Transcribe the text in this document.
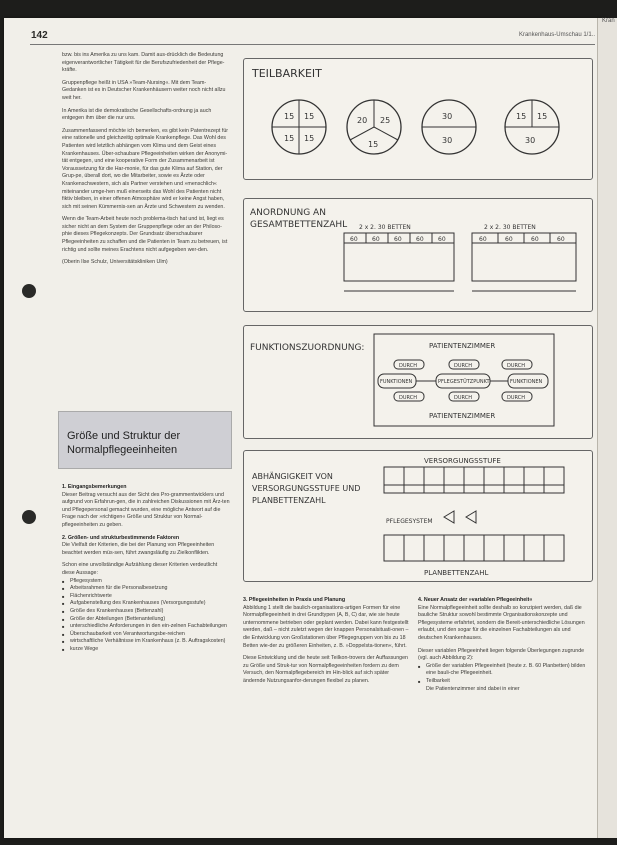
Kran
142	Krankenhaus-Umschau 1/1..

bzw. bis ins Amerika zu uns kam. Damit aus-drücklich die Bedeutung eigenverantwortlicher Tätigkeit für die Berufszufriedenheit der Pflege-kräfte.

Gruppenpflege heißt in USA »Team-Nursing«. Mit dem Team-Gedanken ist es in Deutscher Krankenhäusern weiter noch nicht allzu weit her.

In Amerika ist die demokratische Gesellschafts-ordnung ja auch entgegen ihm über die nur uns.

Zusammenfassend möchte ich bemerken, es gibt kein Patentrezept für eine rationelle und gleichzeitig optimale Krankenpflege. Das Wohl des Patienten wird letztlich abhängen vom Klima und dem Geist eines Krankenhauses. Über-schaubare Pflegeeinheiten wirken der Anonymi-tät entgegen, und eine kooperative Form der Zusammenarbeit ist Voraussetzung für die Har-monie, für das gute Klima auf Station, der Grup-pe, überall dort, wo die Mitarbeiter, sowie es Ärzte oder Krankenschwestern, sich als Partner verstehen und »menschlich« miteinander umge-hen muß einerseits das Wohl des Patienten nicht fiktiv bleiben, in einer offenen Atmosphäre wird er keine Angst haben, sich mit seinen Kümmernis-sen an Ärzte und Schwestern zu wenden.

Wenn die Team-Arbeit heute noch problema-tisch hat und ist, liegt es sicher nicht an dem System der Gruppenpflege oder an der Philoso-phie dieses Pflegekonzepts. Der Grundsatz überschaubarer Pflegeeinheiten zu schaffen und die Patienten in Team zu betreuen, ist richtig und sollte meines Erachtens nicht aufgegeben wer-den.

(Oberin Ilse Schulz, Universitätskliniken Ulm)

Größe und Struktur der Normalpflegeeinheiten

1. Eingangsbemerkungen

Dieser Beitrag versucht aus der Sicht des Pro-grammentwicklers und aufgrund von Erfahrun-gen, die in zahlreichen Diskussionen mit Ärz-ten und Pflegepersonal gemacht wurden, eine mögliche Antwort auf die Frage nach der »richtigen« Größe und Struktur von Normal-pflegeeinheiten zu geben.

2. Größen- und strukturbestimmende Faktoren

Die Vielfalt der Kriterien, die bei der Planung von Pflegeeinheiten beachtet werden müs-sen, führt zwangsläufig zu Zielkonflikten.

Schon eine unvollständige Aufzählung dieser Kriterien verdeutlicht diese Aussage:

■ Pflegesystem
■ Arbeitsrahmen für die Personalbesetzung
■ Flächenrichtwerte
■ Aufgabenstellung des Krankenhauses (Versorgungsstufe)
■ Größe des Krankenhauses (Bettenzahl)
■ Größe der Abteilungen (Bettenanteilung)
■ unterschiedliche Anforderungen in den ein-zelnen Fachabteilungen
■ Überschaubarkeit von Verantwortungsbe-reichen
■ wirtschaftliche Verhältnisse im Krankenhaus (z. B. Auftragskosten)
■ kurze Wege
TEILBARKEIT
15 15
15 15
20 25
15
30
30
15 15
30
ANORDNUNG AN
GESAMTBETTENZAHL 2 x 2. 30 BETTEN	2 x 2. 30 BETTEN
60 60 60 60 60	60	60	60	60
FUNKTIONSZUORDNUNG:	PATIENTENZIMMER
DURCH	DURCH	DURCH
FUNKTIONEN	PFLEGESTÜTZPUNKT	FUNKTIONEN
DURCH	DURCH	DURCH
PATIENTENZIMMER
ABHÄNGIGKEIT VON
VERSORGUNGSSTUFE UND
PLANBETTENZAHL
VERSORGUNGSSTUFE
PFLEGESYSTEM
PLANBETTENZAHL

3. Pflegeeinheiten in Praxis und Planung

Abbildung 1 stellt die baulich-organisations-artigen Formen für eine Normalpflegeeinheit in drei Grundtypen (A, B, C) dar, wie sie heute unternommene betrieben oder geplant werden. Dabei kann festgestellt werden, daß – nicht zuletzt wegen der knappen Personalsituati-onen – die Entwicklung von Großstationen über Pflegegruppen von bis zu 18 Betten wie-der zu größeren Einheiten, z. B. »Doppelsta-tionen«, führt.

Diese Entwicklung und die heute seit Teilkon-trovers der Auffassungen zu Größe und Struk-tur von Normalpflegeeinheiten fordern zu dem Versuch, den Normalpflegebereich im Hin-blick auf sich später ändernde Nutzungsanfor-derungen flexibel zu planen.

4. Neuer Ansatz der »variablen Pflegeeinheit«

Eine Normalpflegeeinheit sollte deshalb so konzipiert werden, daß die bauliche Struktur sowohl bestimmte Organisationskonzepte und Pflegesysteme erfahrtet, sondern die Bereit-unterschiedliche Lösungen erlaubt, und den sogar für die einzelnen Fachabteilungen als und deutschen Krankenhauses.

Dieser variablen Pflegeeinheit liegen folgende Überlegungen zugrunde (vgl. auch Abbildung 2):

■ Größe der variablen Pflegeeinheit (heute z. B. 60 Planbetten) bilden eine bauli-che Pflegeeinheit.
■ Teilbarkeit

Die Patientenzimmer sind dabei in einer
